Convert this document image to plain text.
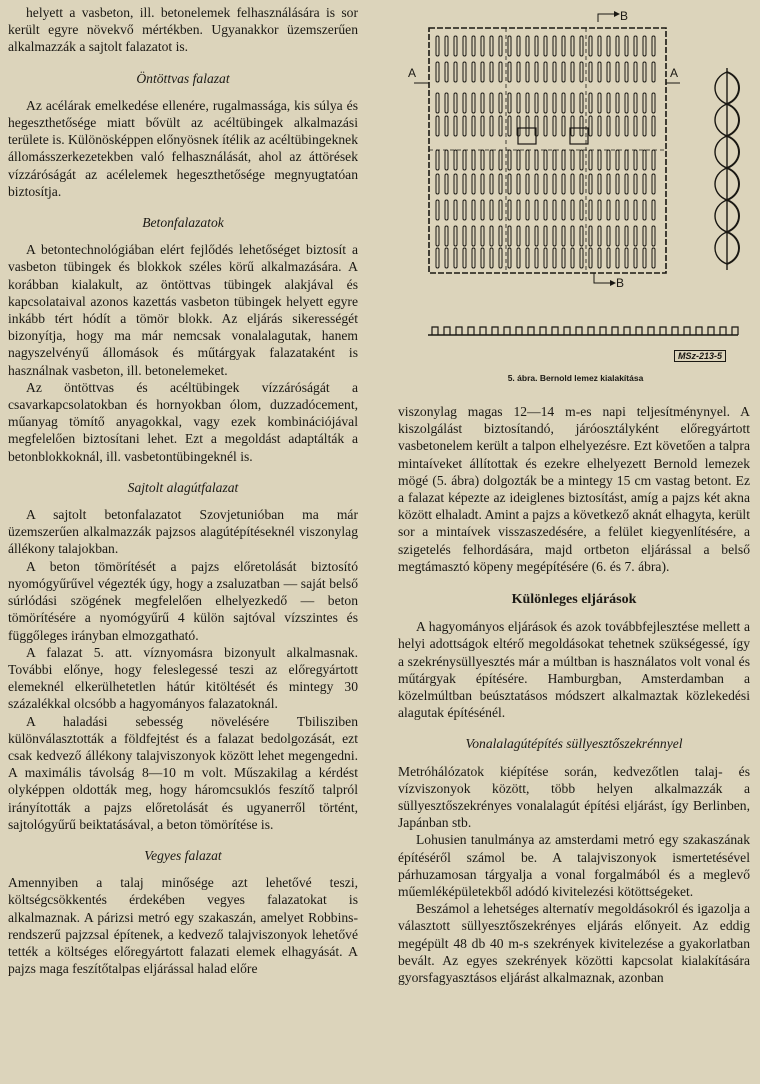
helyett a vasbeton, ill. betonelemek felhasználására is sor került egyre növekvő mértékben. Ugyanakkor üzemszerűen alkalmazzák a sajtolt falazatot is.

Öntöttvas falazat

Az acélárak emelkedése ellenére, rugalmassága, kis súlya és hegeszthetősége miatt bővült az acéltübingek alkalmazási területe is. Különösképpen előnyösnek ítélik az acéltübingeknek állomásszerkezetekben való felhasználását, ahol az áttörések vízzáróságát az acélelemek hegeszthetősége megnyugtatóan biztosítja.

Betonfalazatok

A betontechnológiában elért fejlődés lehetőséget biztosít a vasbeton tübingek és blokkok széles körű alkalmazására. A korábban kialakult, az öntöttvas tübingek alakjával és kapcsolataival azonos kazettás vasbeton tübingek helyett egyre inkább tért hódít a tömör blokk. Az eljárás sikerességét bizonyítja, hogy ma már nemcsak vonalalagutak, hanem nagyszelvényű állomások és műtárgyak falazataként is használnak vasbeton, ill. betonelemeket.

Az öntöttvas és acéltübingek vízzáróságát a csavarkapcsolatokban és hornyokban ólom, duzzadócement, műanyag tömítő anyagokkal, vagy ezek kombinációjával megfelelően biztosítani lehet. Ezt a megoldást adaptálták a betonblokkoknál, ill. vasbetontübingeknél is.

Sajtolt alagútfalazat

A sajtolt betonfalazatot Szovjetunióban ma már üzemszerűen alkalmazzák pajzsos alagútépítéseknél viszonylag állékony talajokban.

A beton tömörítését a pajzs előretolását biztosító nyomógyűrűvel végezték úgy, hogy a zsaluzatban — saját belső súrlódási szögének megfelelően elhelyezkedő — beton tömörítésére a nyomógyűrű 4 külön sajtóval vízszintes és függőleges irányban elmozgatható.

A falazat 5. att. víznyomásra bizonyult alkalmasnak. További előnye, hogy feleslegessé teszi az előregyártott elemeknél elkerülhetetlen hátúr kitöltését és mintegy 30 százalékkal olcsóbb a hagyományos falazatoknál.

A haladási sebesség növelésére Tbilisziben különválasztották a földfejtést és a falazat bedolgozását, ezt csak kedvező állékony talajviszonyok között lehet megengedni. A maximális távolság 8—10 m volt. Műszakilag a kérdést olyképpen oldották meg, hogy háromcsuklós feszítő talpról irányították a pajzs előretolását és ugyanerről történt, sajtológyűrű beiktatásával, a beton tömörítése is.

Vegyes falazat

Amennyiben a talaj minősége azt lehetővé teszi, költségcsökkentés érdekében vegyes falazatokat is alkalmaznak. A párizsi metró egy szakaszán, amelyet Robbins-rendszerű pajzzsal építenek, a kedvező talajviszonyok lehetővé tették a költséges előregyártott falazati elemek elhagyását. A pajzs maga feszítőtalpas eljárással halad előre

A	A
B
B
MSz-213-5
5. ábra. Bernold lemez kialakítása

viszonylag magas 12—14 m-es napi teljesítménynyel. A kiszolgálást biztosítandó, járóosztályként előregyártott vasbetonelem került a talpon elhelyezésre. Ezt követően a talpra mintaíveket állítottak és ezekre elhelyezett Bernold lemezek mögé (5. ábra) dolgozták be a mintegy 15 cm vastag betont. Ez a falazat képezte az ideiglenes biztosítást, amíg a pajzs két akna között elhaladt. Amint a pajzs a következő aknát elhagyta, került sor a mintaívek visszaszedésére, a felület kiegyenlítésére, a szigetelés felhordására, majd ortbeton eljárással a belső megtámasztó köpeny megépítésére (6. és 7. ábra).

Különleges eljárások

A hagyományos eljárások és azok továbbfejlesztése mellett a helyi adottságok eltérő megoldásokat tehetnek szükségessé, így a szekrénysüllyesztés már a múltban is használatos volt vonal és műtárgyak építésére. Hamburgban, Amsterdamban a közelmúltban beúsztatásos módszert alkalmaztak közlekedési alagutak építésénél.

Vonalalagútépítés süllyesztőszekrénnyel

Metróhálózatok kiépítése során, kedvezőtlen talaj- és vízviszonyok között, több helyen alkalmazzák a süllyesztőszekrényes vonalalagút építési eljárást, így Berlinben, Japánban stb.

Lohusien tanulmánya az amsterdami metró egy szakaszának építéséről számol be. A talajviszonyok ismertetésével párhuzamosan tárgyalja a vonal forgalmából és a meglevő műemléképületekből adódó kivitelezési kötöttségeket.

Beszámol a lehetséges alternatív megoldásokról és igazolja a választott süllyesztőszekrényes eljárás előnyeit. Az eddig megépült 48 db 40 m-s szekrények kivitelezése a gyakorlatban bevált. Az egyes szekrények közötti kapcsolat kialakítására gyorsfagyasztásos eljárást alkalmaznak, azonban
